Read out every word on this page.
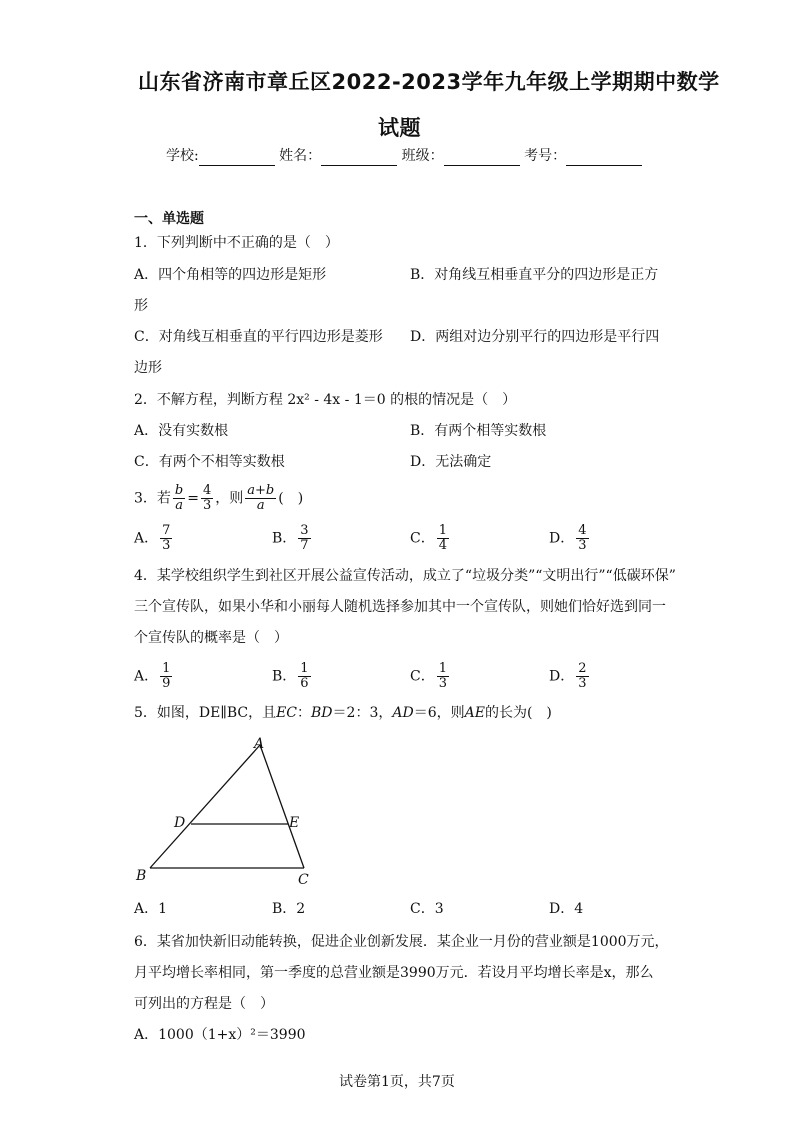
山东省济南市章丘区2022-2023学年九年级上学期期中数学
试题
学校:	姓名：	班级：	考号：
一、单选题
1．下列判断中不正确的是（　）
A．四个角相等的四边形是矩形	B．对角线互相垂直平分的四边形是正方
形
C．对角线互相垂直的平行四边形是菱形 D．两组对边分别平行的四边形是平行四
边形
2．不解方程，判断方程 2x² - 4x - 1＝0 的根的情况是（　）
A．没有实数根	B．有两个相等实数根
C．有两个不相等实数根	D．无法确定
3．若 $\frac{b}{a} = \frac{4}{3}$ ，则 $\frac{a+b}{a}$ (　)
A． $\frac{7}{3}$	B． $\frac{3}{7}$	C． $\frac{1}{4}$	D． $\frac{4}{3}$
4．某学校组织学生到社区开展公益宣传活动，成立了“垃圾分类”“文明出行”“低碳环保”
三个宣传队，如果小华和小丽每人随机选择参加其中一个宣传队，则她们恰好选到同一
个宣传队的概率是（　）
A． $\frac{1}{9}$	B． $\frac{1}{6}$	C． $\frac{1}{3}$	D． $\frac{2}{3}$
5．如图，DE∥BC，且EC：BD＝2：3，AD＝6，则AE的长为(　)
A
D	E
B	C
A．1	B．2	C．3	D．4
6．某省加快新旧动能转换，促进企业创新发展．某企业一月份的营业额是1000万元，
月平均增长率相同，第一季度的总营业额是3990万元．若设月平均增长率是x，那么
可列出的方程是（　）
A．1000（1+x）²＝3990
试卷第1页，共7页
